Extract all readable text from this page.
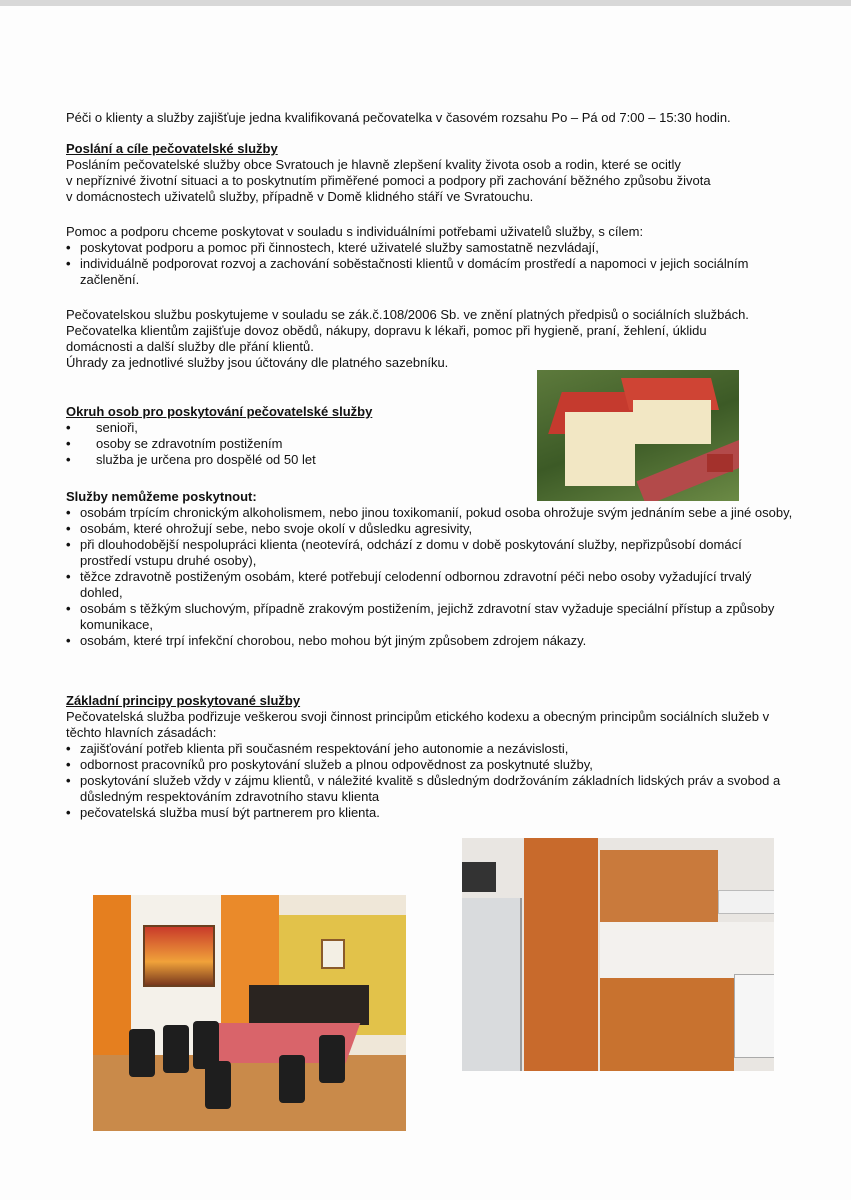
Péči o klienty a služby zajišťuje jedna kvalifikovaná pečovatelka v časovém rozsahu Po – Pá od 7:00 – 15:30 hodin.

Poslání a cíle pečovatelské služby

Posláním pečovatelské služby obce Svratouch je hlavně zlepšení kvality života osob a rodin, které se ocitly

v nepříznivé životní situaci a to poskytnutím přiměřené pomoci a podpory při zachování běžného způsobu života

v domácnostech uživatelů služby, případně v Domě klidného stáří ve Svratouchu.

Pomoc a podporu chceme poskytovat v souladu s individuálními potřebami uživatelů služby, s cílem:

• poskytovat podporu a pomoc při činnostech, které uživatelé služby samostatně nezvládají,
• individuálně podporovat rozvoj a zachování soběstačnosti klientů v domácím prostředí a napomoci v jejich sociálním začlenění.

Pečovatelskou službu poskytujeme v souladu se zák.č.108/2006 Sb. ve znění platných předpisů o sociálních službách.

Pečovatelka klientům zajišťuje dovoz obědů, nákupy, dopravu k lékaři, pomoc při hygieně, praní, žehlení, úklidu domácnosti a další služby dle přání klientů.

Úhrady za jednotlivé služby jsou účtovány dle platného sazebníku.

Okruh osob pro poskytování pečovatelské služby

• senioři,
• osoby se zdravotním postižením
• služba je určena pro dospělé od 50 let

Služby nemůžeme poskytnout:

• osobám trpícím chronickým alkoholismem, nebo jinou toxikomanií, pokud osoba ohrožuje svým jednáním sebe a jiné osoby,
• osobám, které ohrožují sebe, nebo svoje okolí v důsledku agresivity,
• při dlouhodobější nespolupráci klienta (neotevírá, odchází z domu v době poskytování služby, nepřizpůsobí domácí prostředí vstupu druhé osoby),
• těžce zdravotně postiženým osobám, které potřebují celodenní odbornou zdravotní péči nebo osoby vyžadující trvalý dohled,
• osobám s těžkým sluchovým, případně zrakovým postižením, jejichž zdravotní stav vyžaduje speciální přístup a způsoby komunikace,
• osobám, které trpí infekční chorobou, nebo mohou být jiným způsobem zdrojem nákazy.

Základní principy poskytované služby

Pečovatelská služba podřizuje veškerou svoji činnost principům etického kodexu a obecným principům sociálních služeb v těchto hlavních zásadách:

• zajišťování potřeb klienta při současném respektování jeho autonomie a nezávislosti,
• odbornost pracovníků pro poskytování služeb a plnou odpovědnost za poskytnuté služby,
• poskytování služeb vždy v zájmu klientů, v náležité kvalitě s důsledným dodržováním základních lidských práv a svobod a důsledným respektováním zdravotního stavu klienta
• pečovatelská služba musí být partnerem pro klienta.
